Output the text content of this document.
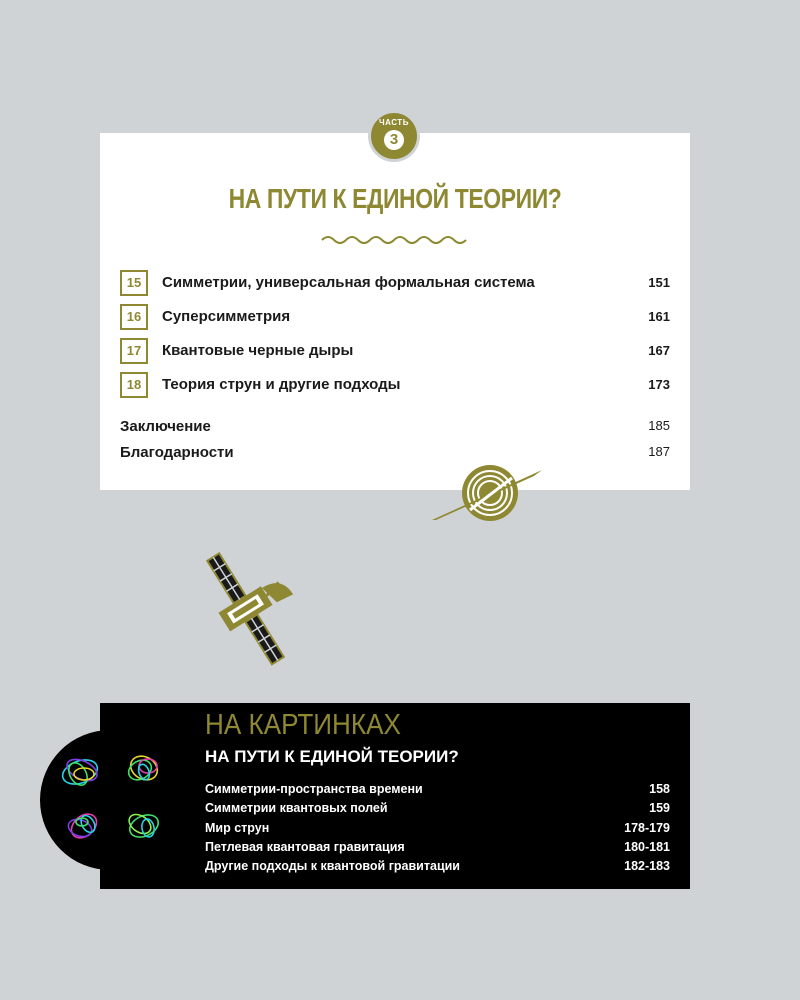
ЧАСТЬ
3
НА ПУТИ К ЕДИНОЙ ТЕОРИИ?
15	Симметрии, универсальная формальная система	151
16	Суперсимметрия	161
17	Квантовые черные дыры	167
18	Теория струн и другие подходы	173
Заключение	185
Благодарности	187
НА КАРТИНКАХ
НА ПУТИ К ЕДИНОЙ ТЕОРИИ?
Симметрии-пространства времени	158
Симметрии квантовых полей	159
Мир струн	178-179
Петлевая квантовая гравитация	180-181
Другие подходы к квантовой гравитации	182-183
